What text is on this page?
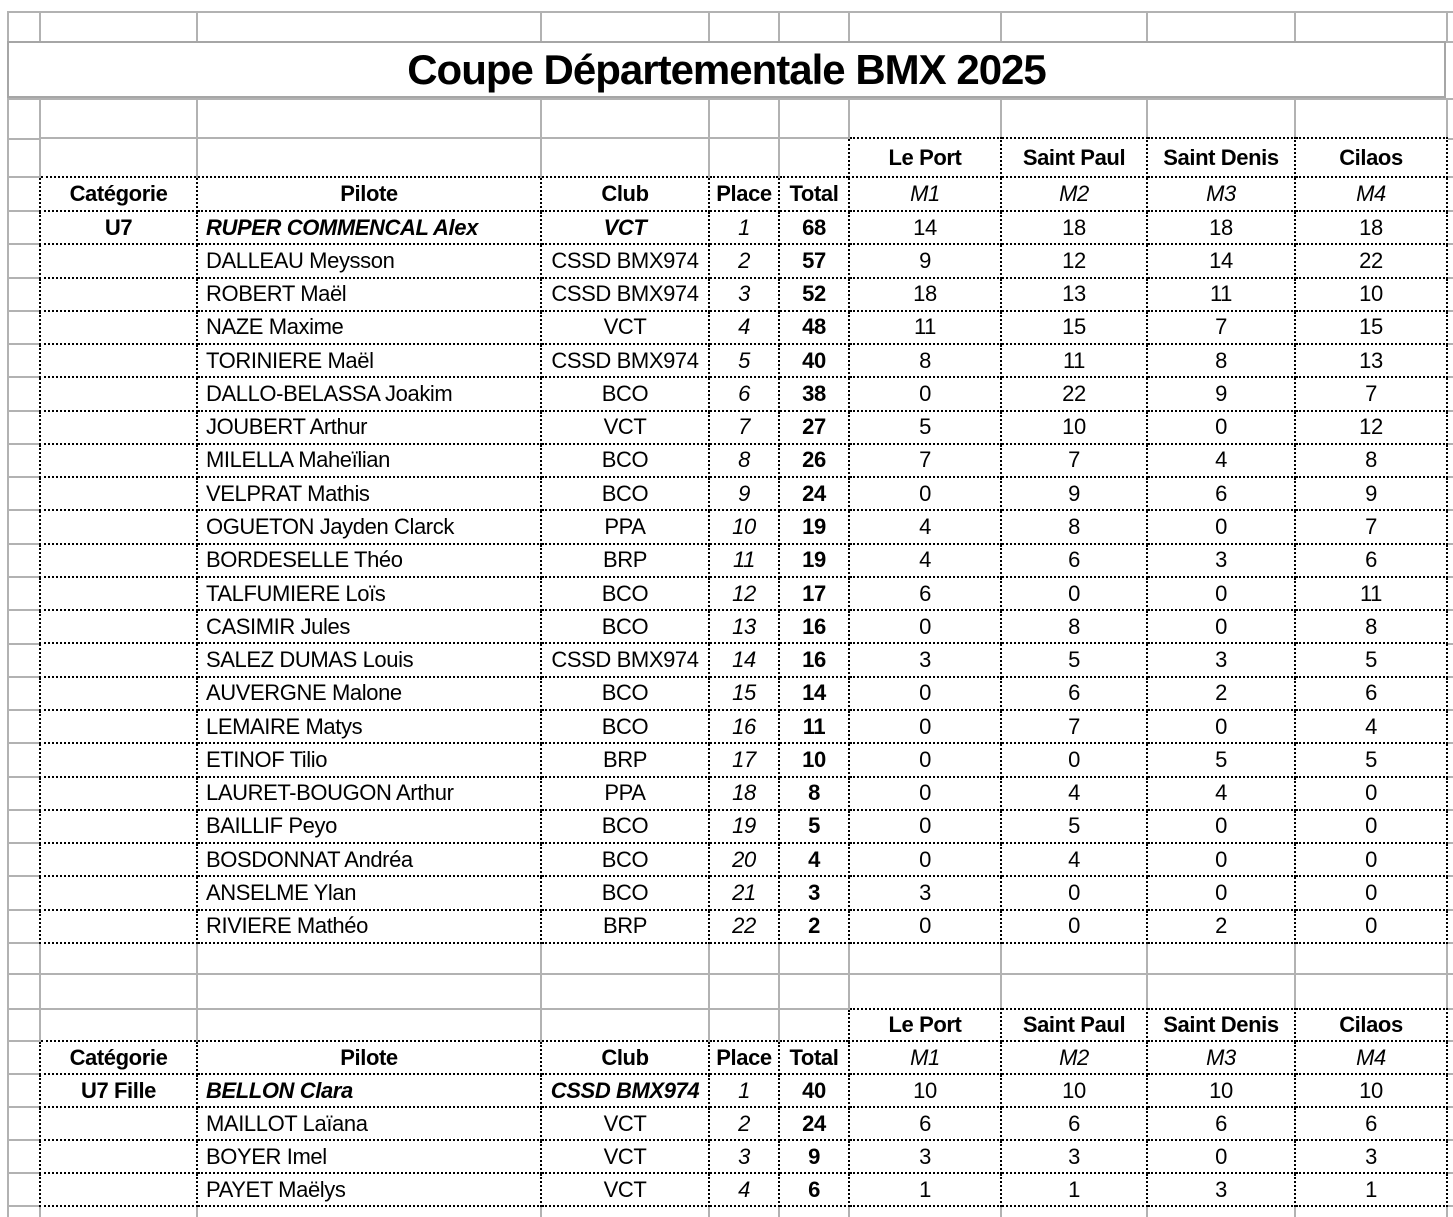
Coupe Départementale BMX 2025
					Le Port	Saint Paul	Saint Denis	Cilaos
Catégorie	Pilote	Club	Place	Total	M1	M2	M3	M4
U7	RUPER COMMENCAL Alex	VCT	1	68	14	18	18	18
	DALLEAU Meysson	CSSD BMX974	2	57	9	12	14	22
	ROBERT Maël	CSSD BMX974	3	52	18	13	11	10
	NAZE Maxime	VCT	4	48	11	15	7	15
	TORINIERE Maël	CSSD BMX974	5	40	8	11	8	13
	DALLO-BELASSA Joakim	BCO	6	38	0	22	9	7
	JOUBERT Arthur	VCT	7	27	5	10	0	12
	MILELLA Maheïlian	BCO	8	26	7	7	4	8
	VELPRAT Mathis	BCO	9	24	0	9	6	9
	OGUETON Jayden Clarck	PPA	10	19	4	8	0	7
	BORDESELLE Théo	BRP	11	19	4	6	3	6
	TALFUMIERE Loïs	BCO	12	17	6	0	0	11
	CASIMIR Jules	BCO	13	16	0	8	0	8
	SALEZ DUMAS Louis	CSSD BMX974	14	16	3	5	3	5
	AUVERGNE Malone	BCO	15	14	0	6	2	6
	LEMAIRE Matys	BCO	16	11	0	7	0	4
	ETINOF Tilio	BRP	17	10	0	0	5	5
	LAURET-BOUGON Arthur	PPA	18	8	0	4	4	0
	BAILLIF Peyo	BCO	19	5	0	5	0	0
	BOSDONNAT Andréa	BCO	20	4	0	4	0	0
	ANSELME Ylan	BCO	21	3	3	0	0	0
	RIVIERE Mathéo	BRP	22	2	0	0	2	0
					Le Port	Saint Paul	Saint Denis	Cilaos
Catégorie	Pilote	Club	Place	Total	M1	M2	M3	M4
U7 Fille	BELLON Clara	CSSD BMX974	1	40	10	10	10	10
	MAILLOT Laïana	VCT	2	24	6	6	6	6
	BOYER Imel	VCT	3	9	3	3	0	3
	PAYET Maëlys	VCT	4	6	1	1	3	1
